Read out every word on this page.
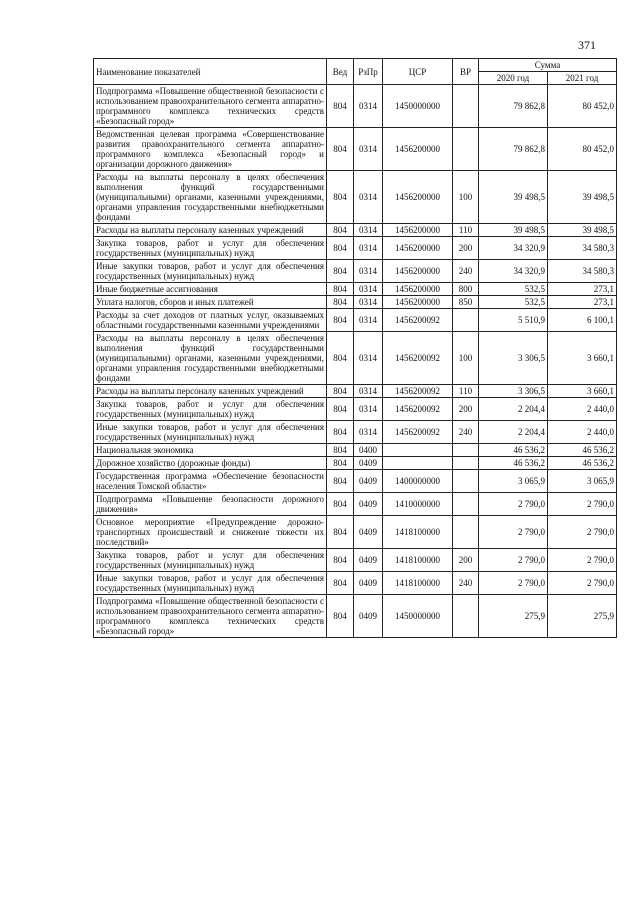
371
Наименование показателей	Вед	РзПр	ЦСР	ВР	Сумма	
					2020 год	2021 год
Подпрограмма «Повышение общественной безопасности с использованием правоохранительного сегмента аппаратно-программного комплекса технических средств «Безопасный город»	804	0314	1450000000		79 862,8	80 452,0
Ведомственная целевая программа «Совершенствование развития правоохранительного сегмента аппаратно-программного комплекса «Безопасный город» и организации дорожного движения»	804	0314	1456200000		79 862,8	80 452,0
Расходы на выплаты персоналу в целях обеспечения выполнения функций государственными (муниципальными) органами, казенными учреждениями, органами управления государственными внебюджетными фондами	804	0314	1456200000	100	39 498,5	39 498,5
Расходы на выплаты персоналу казенных учреждений	804	0314	1456200000	110	39 498,5	39 498,5
Закупка товаров, работ и услуг для обеспечения государственных (муниципальных) нужд	804	0314	1456200000	200	34 320,9	34 580,3
Иные закупки товаров, работ и услуг для обеспечения государственных (муниципальных) нужд	804	0314	1456200000	240	34 320,9	34 580,3
Иные бюджетные ассигнования	804	0314	1456200000	800	532,5	273,1
Уплата налогов, сборов и иных платежей	804	0314	1456200000	850	532,5	273,1
Расходы за счет доходов от платных услуг, оказываемых областными государственными казенными учреждениями	804	0314	1456200092		5 510,9	6 100,1
Расходы на выплаты персоналу в целях обеспечения выполнения функций государственными (муниципальными) органами, казенными учреждениями, органами управления государственными внебюджетными фондами	804	0314	1456200092	100	3 306,5	3 660,1
Расходы на выплаты персоналу казенных учреждений	804	0314	1456200092	110	3 306,5	3 660,1
Закупка товаров, работ и услуг для обеспечения государственных (муниципальных) нужд	804	0314	1456200092	200	2 204,4	2 440,0
Иные закупки товаров, работ и услуг для обеспечения государственных (муниципальных) нужд	804	0314	1456200092	240	2 204,4	2 440,0
Национальная экономика	804	0400			46 536,2	46 536,2
Дорожное хозяйство (дорожные фонды)	804	0409			46 536,2	46 536,2
Государственная программа «Обеспечение безопасности населения Томской области»	804	0409	1400000000		3 065,9	3 065,9
Подпрограмма «Повышение безопасности дорожного движения»	804	0409	1410000000		2 790,0	2 790,0
Основное мероприятие «Предупреждение дорожно-транспортных происшествий и снижение тяжести их последствий»	804	0409	1418100000		2 790,0	2 790,0
Закупка товаров, работ и услуг для обеспечения государственных (муниципальных) нужд	804	0409	1418100000	200	2 790,0	2 790,0
Иные закупки товаров, работ и услуг для обеспечения государственных (муниципальных) нужд	804	0409	1418100000	240	2 790,0	2 790,0
Подпрограмма «Повышение общественной безопасности с использованием правоохранительного сегмента аппаратно-программного комплекса технических средств «Безопасный город»	804	0409	1450000000		275,9	275,9
